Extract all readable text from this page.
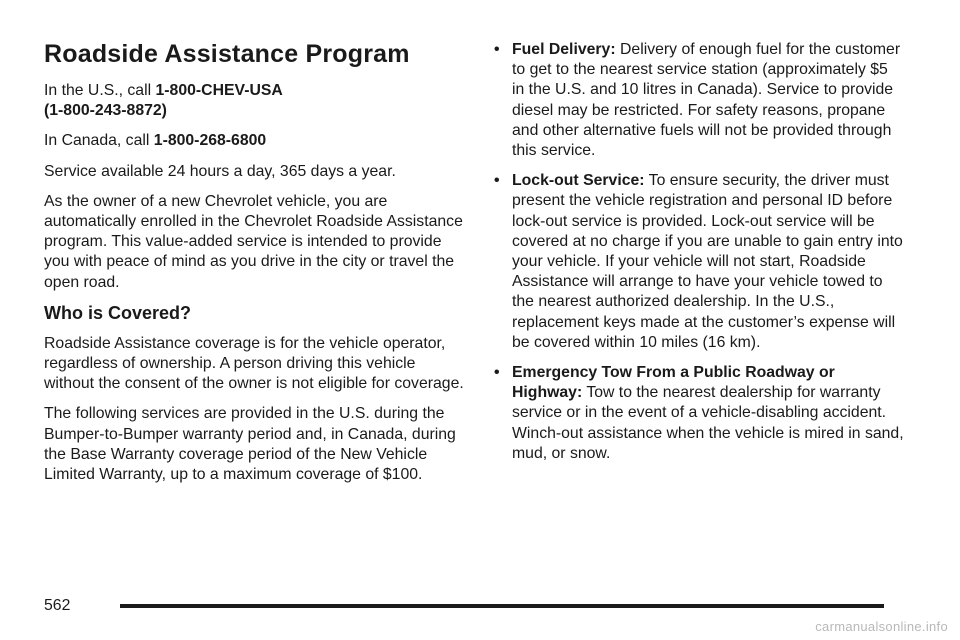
Roadside Assistance Program

In the U.S., call 1-800-CHEV-USA
(1-800-243-8872)

In Canada, call 1-800-268-6800

Service available 24 hours a day, 365 days a year.

As the owner of a new Chevrolet vehicle, you are automatically enrolled in the Chevrolet Roadside Assistance program. This value-added service is intended to provide you with peace of mind as you drive in the city or travel the open road.

Who is Covered?

Roadside Assistance coverage is for the vehicle operator, regardless of ownership. A person driving this vehicle without the consent of the owner is not eligible for coverage.

The following services are provided in the U.S. during the Bumper-to-Bumper warranty period and, in Canada, during the Base Warranty coverage period of the New Vehicle Limited Warranty, up to a maximum coverage of $100.

• Fuel Delivery: Delivery of enough fuel for the customer to get to the nearest service station (approximately $5 in the U.S. and 10 litres in Canada). Service to provide diesel may be restricted. For safety reasons, propane and other alternative fuels will not be provided through this service.
• Lock-out Service: To ensure security, the driver must present the vehicle registration and personal ID before lock-out service is provided. Lock-out service will be covered at no charge if you are unable to gain entry into your vehicle. If your vehicle will not start, Roadside Assistance will arrange to have your vehicle towed to the nearest authorized dealership. In the U.S., replacement keys made at the customer’s expense will be covered within 10 miles (16 km).
• Emergency Tow From a Public Roadway or Highway: Tow to the nearest dealership for warranty service or in the event of a vehicle-disabling accident. Winch-out assistance when the vehicle is mired in sand, mud, or snow.
562
carmanualsonline.info
